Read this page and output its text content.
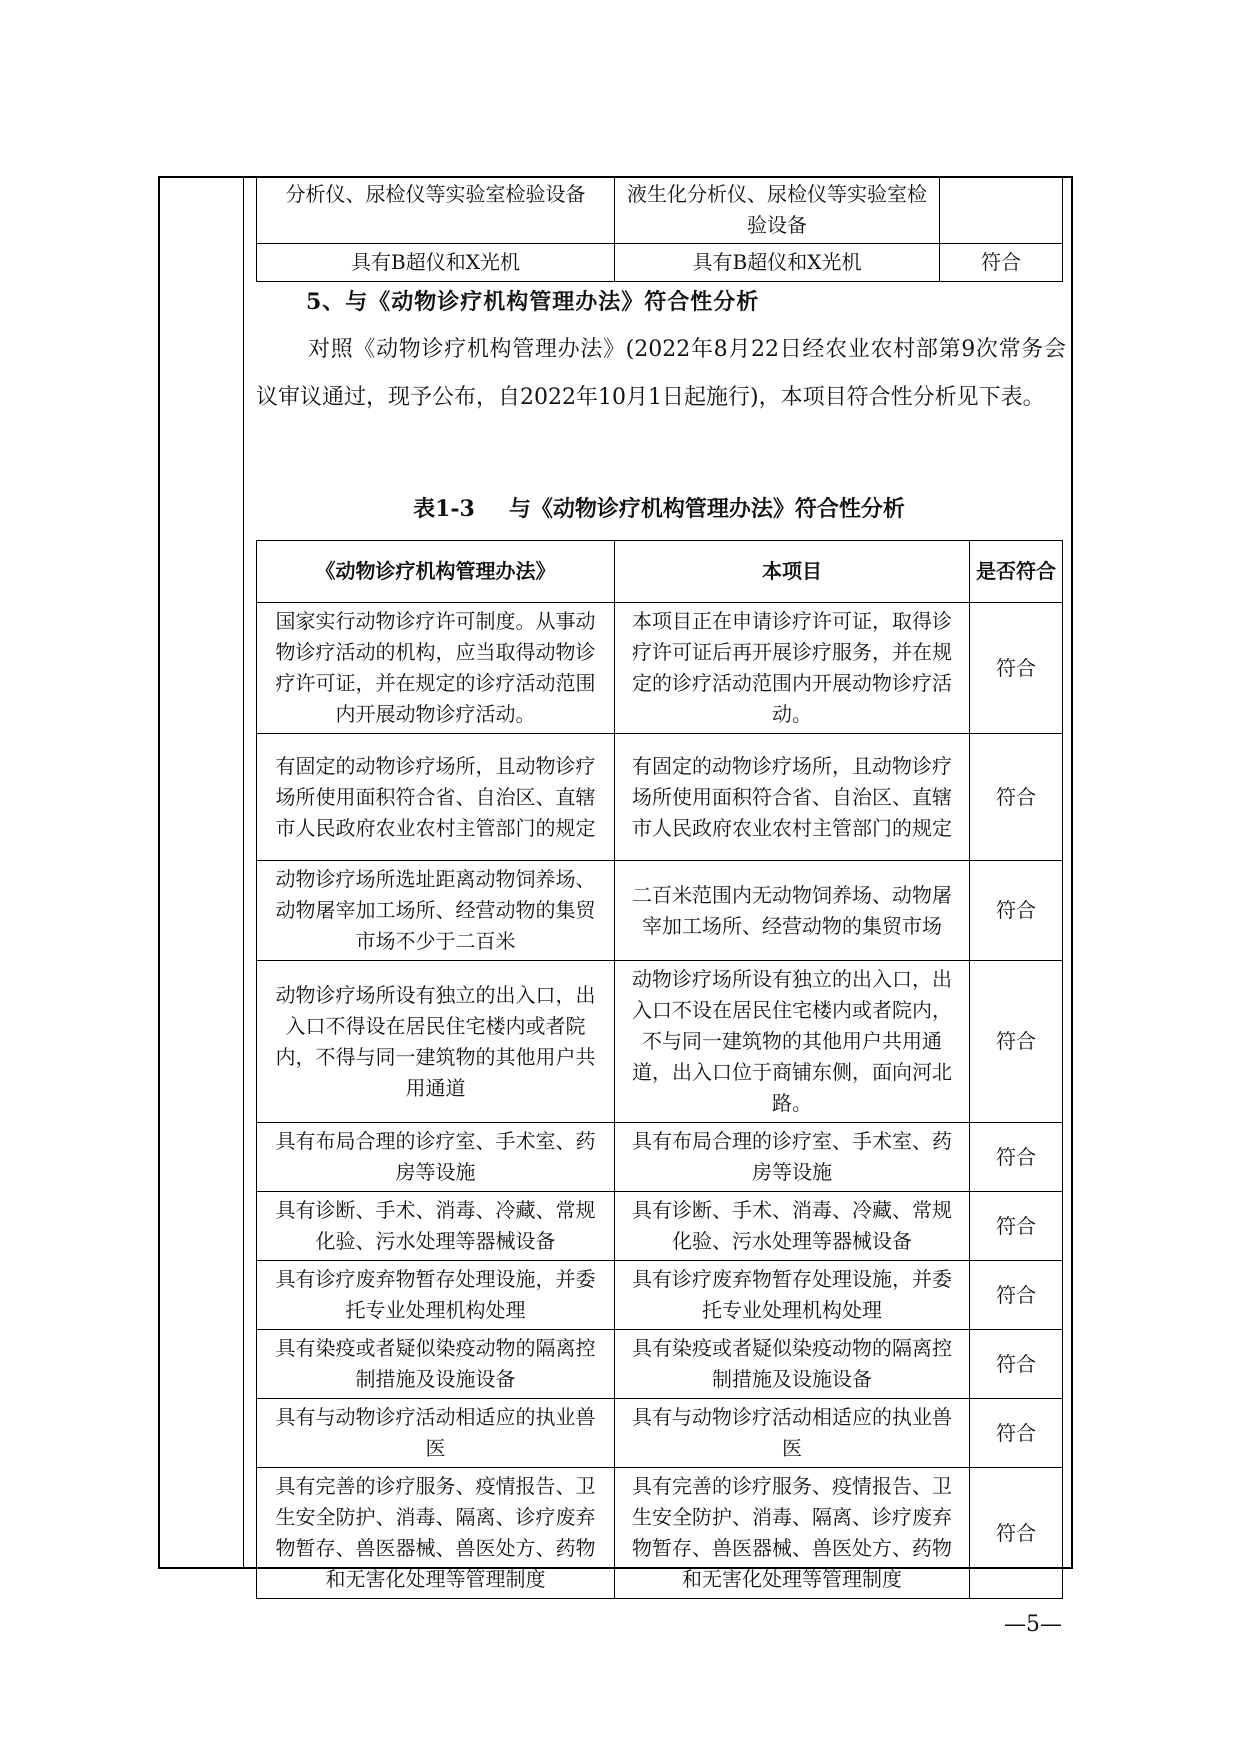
分析仪、尿检仪等实验室检验设备	液生化分析仪、尿检仪等实验室检验设备	
具有B超仪和X光机	具有B超仪和X光机	符合
5、与《动物诊疗机构管理办法》符合性分析

对照《动物诊疗机构管理办法》(2022年8月22日经农业农村部第9次常务会议审议通过，现予公布，自2022年10月1日起施行)，本项目符合性分析见下表。

表1-3 与《动物诊疗机构管理办法》符合性分析
《动物诊疗机构管理办法》	本项目	是否符合
国家实行动物诊疗许可制度。从事动物诊疗活动的机构，应当取得动物诊疗许可证，并在规定的诊疗活动范围内开展动物诊疗活动。	本项目正在申请诊疗许可证，取得诊疗许可证后再开展诊疗服务，并在规定的诊疗活动范围内开展动物诊疗活动。	符合
有固定的动物诊疗场所，且动物诊疗场所使用面积符合省、自治区、直辖市人民政府农业农村主管部门的规定	有固定的动物诊疗场所，且动物诊疗场所使用面积符合省、自治区、直辖市人民政府农业农村主管部门的规定	符合
动物诊疗场所选址距离动物饲养场、动物屠宰加工场所、经营动物的集贸市场不少于二百米	二百米范围内无动物饲养场、动物屠宰加工场所、经营动物的集贸市场	符合
动物诊疗场所设有独立的出入口，出入口不得设在居民住宅楼内或者院内，不得与同一建筑物的其他用户共用通道	动物诊疗场所设有独立的出入口，出入口不设在居民住宅楼内或者院内，不与同一建筑物的其他用户共用通道，出入口位于商铺东侧，面向河北路。	符合
具有布局合理的诊疗室、手术室、药房等设施	具有布局合理的诊疗室、手术室、药房等设施	符合
具有诊断、手术、消毒、冷藏、常规化验、污水处理等器械设备	具有诊断、手术、消毒、冷藏、常规化验、污水处理等器械设备	符合
具有诊疗废弃物暂存处理设施，并委托专业处理机构处理	具有诊疗废弃物暂存处理设施，并委托专业处理机构处理	符合
具有染疫或者疑似染疫动物的隔离控制措施及设施设备	具有染疫或者疑似染疫动物的隔离控制措施及设施设备	符合
具有与动物诊疗活动相适应的执业兽医	具有与动物诊疗活动相适应的执业兽医	符合
具有完善的诊疗服务、疫情报告、卫生安全防护、消毒、隔离、诊疗废弃物暂存、兽医器械、兽医处方、药物和无害化处理等管理制度	具有完善的诊疗服务、疫情报告、卫生安全防护、消毒、隔离、诊疗废弃物暂存、兽医器械、兽医处方、药物和无害化处理等管理制度	符合
—5—
